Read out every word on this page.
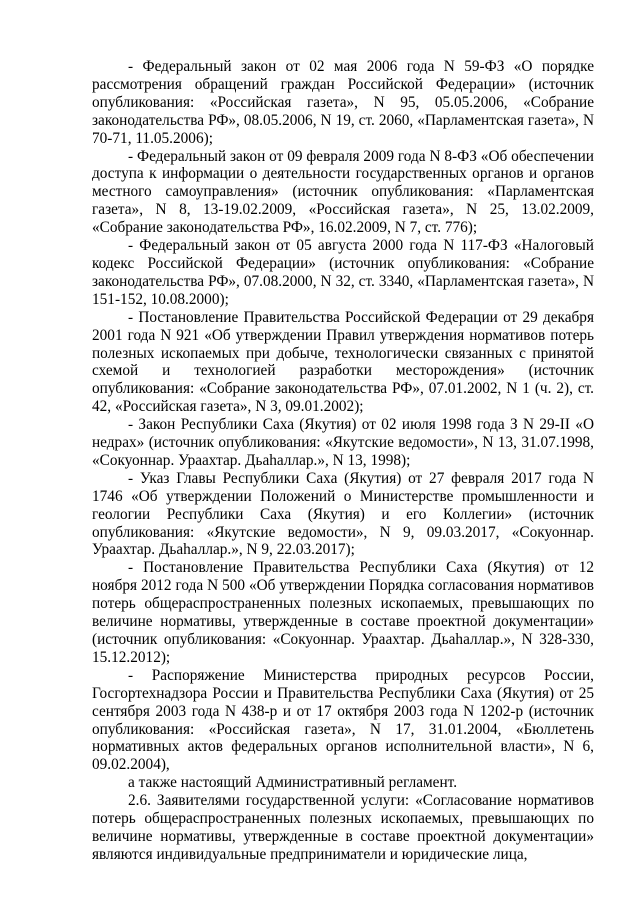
- Федеральный закон от 02 мая 2006 года N 59-ФЗ «О порядке рассмотрения обращений граждан Российской Федерации» (источник опубликования: «Российская газета», N 95, 05.05.2006, «Собрание законодательства РФ», 08.05.2006, N 19, ст. 2060, «Парламентская газета», N 70-71, 11.05.2006);

- Федеральный закон от 09 февраля 2009 года N 8-ФЗ «Об обеспечении доступа к информации о деятельности государственных органов и органов местного самоуправления» (источник опубликования: «Парламентская газета», N 8, 13-19.02.2009, «Российская газета», N 25, 13.02.2009, «Собрание законодательства РФ», 16.02.2009, N 7, ст. 776);

- Федеральный закон от 05 августа 2000 года N 117-ФЗ «Налоговый кодекс Российской Федерации» (источник опубликования: «Собрание законодательства РФ», 07.08.2000, N 32, ст. 3340, «Парламентская газета», N 151-152, 10.08.2000);

- Постановление Правительства Российской Федерации от 29 декабря 2001 года N 921 «Об утверждении Правил утверждения нормативов потерь полезных ископаемых при добыче, технологически связанных с принятой схемой и технологией разработки месторождения» (источник опубликования: «Собрание законодательства РФ», 07.01.2002, N 1 (ч. 2), ст. 42, «Российская газета», N 3, 09.01.2002);

- Закон Республики Саха (Якутия) от 02 июля 1998 года З N 29-II «О недрах» (источник опубликования: «Якутские ведомости», N 13, 31.07.1998, «Сокуоннар. Ураахтар. Дьаһаллар.», N 13, 1998);

- Указ Главы Республики Саха (Якутия) от 27 февраля 2017 года N 1746 «Об утверждении Положений о Министерстве промышленности и геологии Республики Саха (Якутия) и его Коллегии» (источник опубликования: «Якутские ведомости», N 9, 09.03.2017, «Сокуоннар. Ураахтар. Дьаһаллар.», N 9, 22.03.2017);

- Постановление Правительства Республики Саха (Якутия) от 12 ноября 2012 года N 500 «Об утверждении Порядка согласования нормативов потерь общераспространенных полезных ископаемых, превышающих по величине нормативы, утвержденные в составе проектной документации» (источник опубликования: «Сокуоннар. Ураахтар. Дьаһаллар.», N 328-330, 15.12.2012);

- Распоряжение Министерства природных ресурсов России, Госгортехнадзора России и Правительства Республики Саха (Якутия) от 25 сентября 2003 года N 438-р и от 17 октября 2003 года N 1202-р (источник опубликования: «Российская газета», N 17, 31.01.2004, «Бюллетень нормативных актов федеральных органов исполнительной власти», N 6, 09.02.2004),

а также настоящий Административный регламент.

2.6. Заявителями государственной услуги: «Согласование нормативов потерь общераспространенных полезных ископаемых, превышающих по величине нормативы, утвержденные в составе проектной документации» являются индивидуальные предприниматели и юридические лица,
